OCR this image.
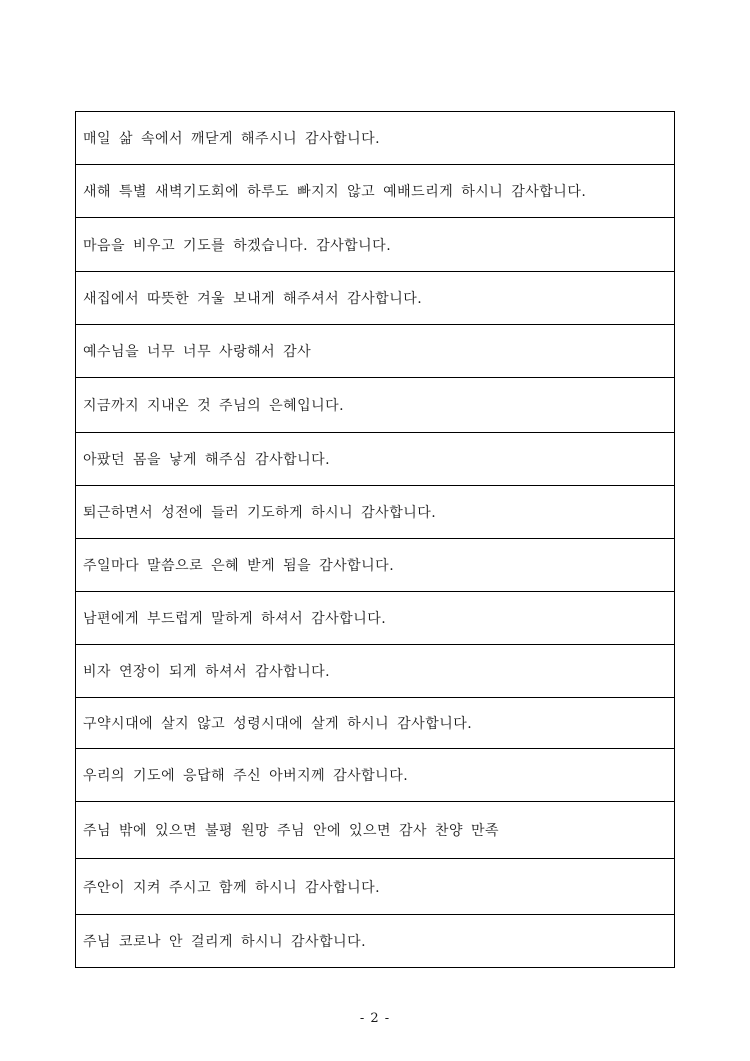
매일 삶 속에서 깨닫게 해주시니 감사합니다.
새해 특별 새벽기도회에 하루도 빠지지 않고 예배드리게 하시니 감사합니다.
마음을 비우고 기도를 하겠습니다. 감사합니다.
새집에서 따뜻한 겨울 보내게 해주셔서 감사합니다.
예수님을 너무 너무 사랑해서 감사
지금까지 지내온 것 주님의 은혜입니다.
아팠던 몸을 낳게 해주심 감사합니다.
퇴근하면서 성전에 들러 기도하게 하시니 감사합니다.
주일마다 말씀으로 은혜 받게 됨을 감사합니다.
남편에게 부드럽게 말하게 하셔서 감사합니다.
비자 연장이 되게 하셔서 감사합니다.
구약시대에 살지 않고 성령시대에 살게 하시니 감사합니다.
우리의 기도에 응답해 주신 아버지께 감사합니다.
주님 밖에 있으면 불평 원망 주님 안에 있으면 감사 찬양 만족
주안이 지켜 주시고 함께 하시니 감사합니다.
주님 코로나 안 걸리게 하시니 감사합니다.
- 2 -
